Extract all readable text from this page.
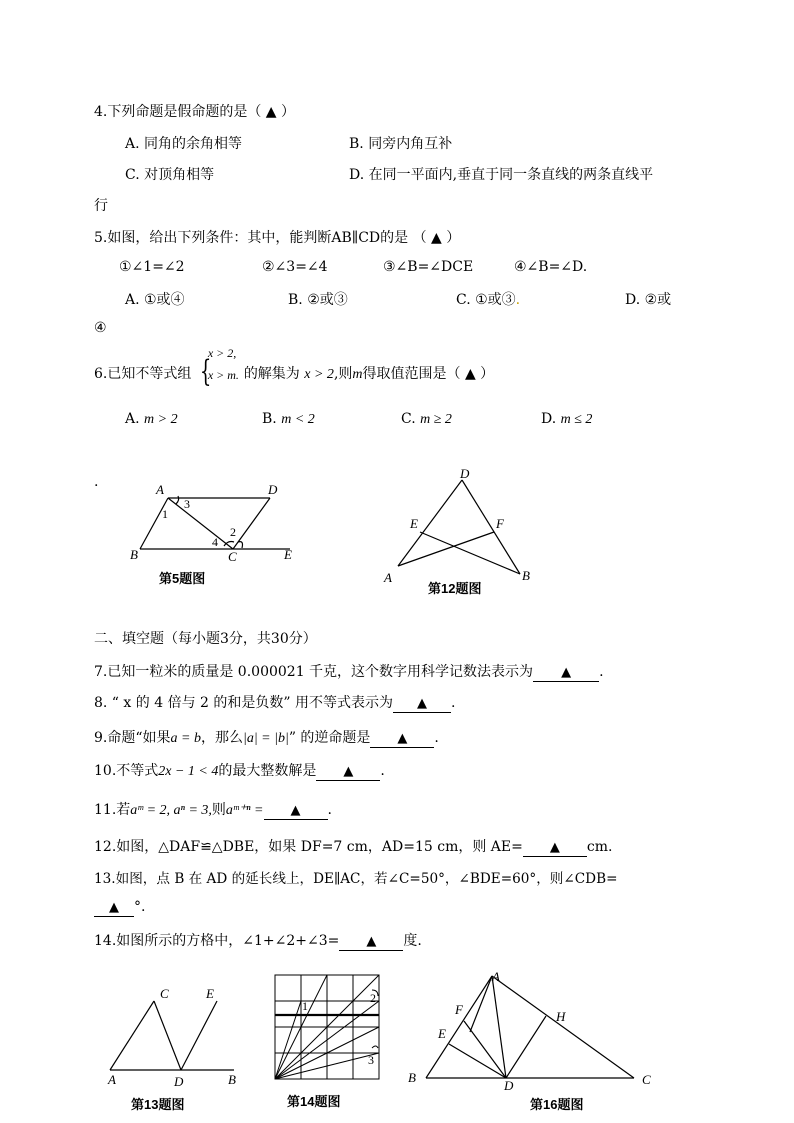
4.下列命题是假命题的是（ ▲ ）
A. 同角的余角相等	B. 同旁内角互补
C. 对顶角相等	D. 在同一平面内,垂直于同一条直线的两条直线平
行
5.如图，给出下列条件：其中，能判断AB∥CD的是 （ ▲ ）
①∠1=∠2	②∠3=∠4	③∠B=∠DCE	④∠B=∠D.
A. ①或④	B. ②或③	C. ①或③.	D. ②或
④
6.已知不等式组 {
x > 2,
x > m. 的解集为 x > 2,则m得取值范围是（ ▲ ）
A. m > 2	B. m < 2	C. m ≥ 2	D. m ≤ 2
.	A	D
B	C	E
1
2
3
4
第5题图
D
E	F
A	B
第12题图
二、填空题（每小题3分，共30分）
7.已知一粒米的质量是 0.000021 千克，这个数字用科学记数法表示为 ▲ .
8. “ x 的 4 倍与 2 的和是负数” 用不等式表示为 ▲ .
9.命题“如果a = b，那么|a| = |b|” 的逆命题是 ▲ .
10.不等式2x − 1 < 4的最大整数解是 ▲ .
11.若aᵐ = 2, aⁿ = 3,则aᵐ⁺ⁿ = ▲ .
12.如图，△DAF≌△DBE，如果 DF=7 cm，AD=15 cm，则 AE= ▲ cm.
13.如图，点 B 在 AD 的延长线上，DE∥AC，若∠C=50°，∠BDE=60°，则∠CDB=
▲ °.
14.如图所示的方格中，∠1+∠2+∠3= ▲ 度.
C	E
A	D	B
第13题图
1
2
3
第14题图
A
F
E
H
B
D	C
第16题图
